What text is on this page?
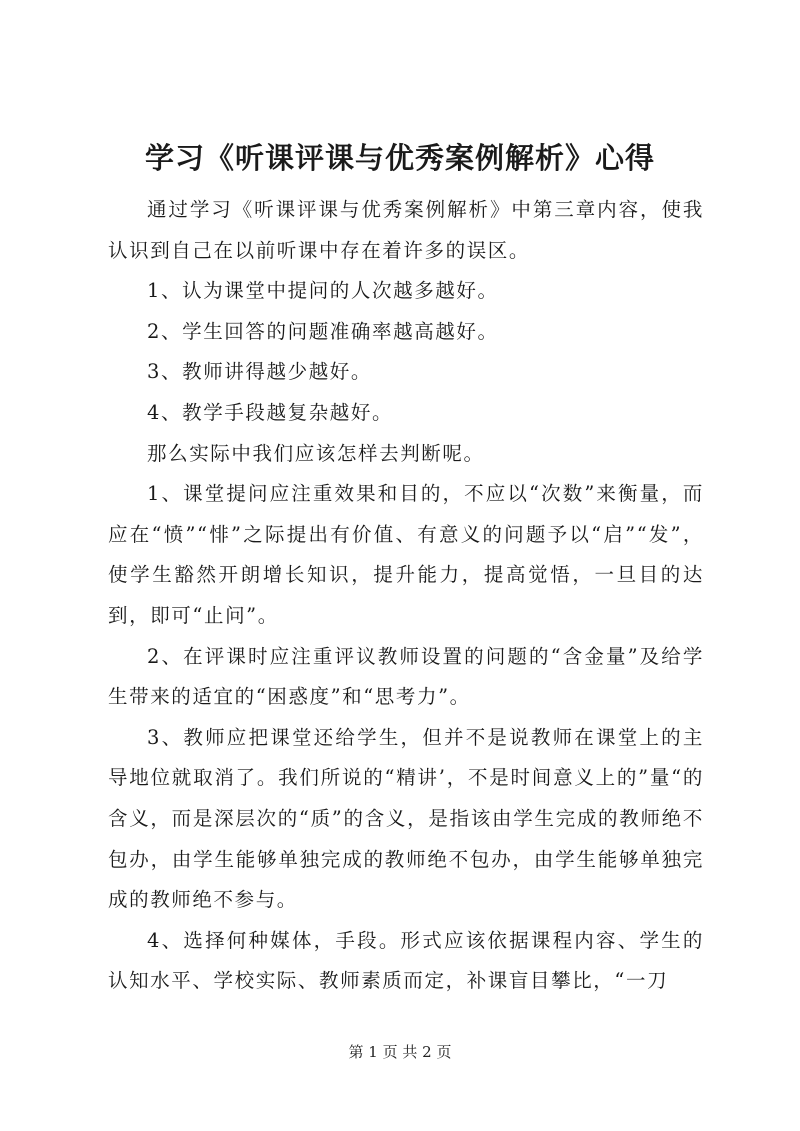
学习《听课评课与优秀案例解析》心得

通过学习《听课评课与优秀案例解析》中第三章内容，使我认识到自己在以前听课中存在着许多的误区。

1、认为课堂中提问的人次越多越好。

2、学生回答的问题准确率越高越好。

3、教师讲得越少越好。

4、教学手段越复杂越好。

那么实际中我们应该怎样去判断呢。

1、课堂提问应注重效果和目的，不应以“次数”来衡量，而应在“愤”“悱”之际提出有价值、有意义的问题予以“启”“发”，使学生豁然开朗增长知识，提升能力，提高觉悟，一旦目的达到，即可“止问”。

2、在评课时应注重评议教师设置的问题的“含金量”及给学生带来的适宜的“困惑度”和“思考力”。

3、教师应把课堂还给学生，但并不是说教师在课堂上的主导地位就取消了。我们所说的“精讲’，不是时间意义上的”量“的含义，而是深层次的“质”的含义，是指该由学生完成的教师绝不包办，由学生能够单独完成的教师绝不包办，由学生能够单独完成的教师绝不参与。

4、选择何种媒体，手段。形式应该依据课程内容、学生的认知水平、学校实际、教师素质而定，补课盲目攀比，“一刀

第 1 页 共 2 页
